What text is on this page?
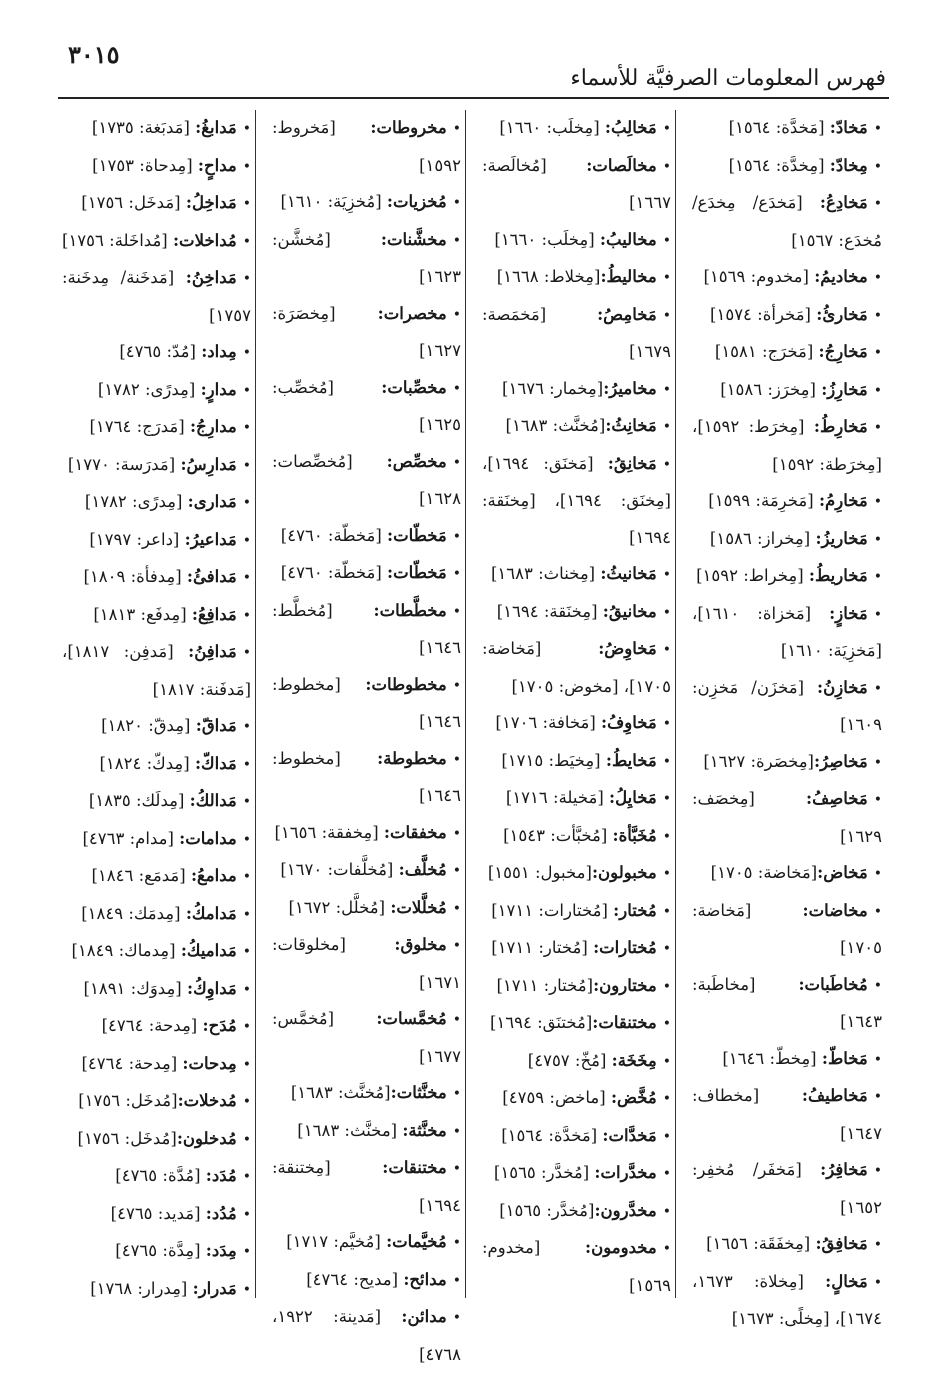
فهرس المعلومات الصرفيَّة للأسماء
٣٠١٥

•مَخادّ: [مَخدَّة: ١٥٦٤]

•مِخادّ: [مِخدَّة: ١٥٦٤]

•مَخادِعُ: [مَخدَع/ مِخدَع/ مُخدَع: ١٥٦٧]

•مخاديمُ: [مخدوم: ١٥٦٩]

•مَخارئُ: [مَخرأة: ١٥٧٤]

•مَخارِجُ: [مَخرَج: ١٥٨١]

•مَخارِزُ: [مِخرَز: ١٥٨٦]

•مَخارِطُ: [مِخرَط: ١٥٩٢]، [مِخرَطة: ١٥٩٢]

•مَخارِمُ: [مَخرِمَة: ١٥٩٩]

•مَخاريزُ: [مِخراز: ١٥٨٦]

•مَخاريطُ: [مِخراط: ١٥٩٢]

•مَخازٍ: [مَخزاة: ١٦١٠]، [مَخزِيَة: ١٦١٠]

•مَخازِنُ: [مَخزَن/ مَخزِن: ١٦٠٩]

•مَخاصِرُ:[مِخصَرة: ١٦٢٧]

•مَخاصِفُ: [مِخصَف: ١٦٢٩]

•مَخاض:[مَخاضة: ١٧٠٥]

•مخاضات: [مَخاضة: ١٧٠٥]

•مُخاطَبات: [مخاطَبة: ١٦٤٣]

•مَخاطّ: [مِخطّ: ١٦٤٦]

•مَخاطيفُ: [مخطاف: ١٦٤٧]

•مَخافِرُ: [مَخفَر/ مُخفِر: ١٦٥٢]

•مَخافِقُ: [مِخفَقَة: ١٦٥٦]

•مَخالٍ: [مِخلاة: ١٦٧٣، ١٦٧٤]، [مِخلًى: ١٦٧٣]

•مَخالِبُ: [مِخلَب: ١٦٦٠]

•مخالَصات: [مُخالَصة: ١٦٦٧]

•مخاليبُ: [مِخلَب: ١٦٦٠]

•مخاليطُ:[مِخلاط: ١٦٦٨]

•مَخامِصُ: [مَخمَصة: ١٦٧٩]

•مخاميرُ:[مِخمار: ١٦٧٦]

•مَخانِثُ:[مُخنَّث: ١٦٨٣]

•مَخانِقُ: [مَخنَق: ١٦٩٤]، [مِخنَق: ١٦٩٤]، [مِخنَقة: ١٦٩٤]

•مَخانيثُ: [مِخناث: ١٦٨٣]

•مخانيقُ: [مِخنَقة: ١٦٩٤]

•مَخاوِضُ: [مَخاضة: ١٧٠٥]، [مخوض: ١٧٠٥]

•مَخاوِفُ: [مَخافة: ١٧٠٦]

•مَخايطُ: [مِخيَط: ١٧١٥]

•مَخايِلُ: [مَخيلة: ١٧١٦]

•مُخَبَّأة: [مُخبَّأت: ١٥٤٣]

•مخبولون:[مخبول: ١٥٥١]

•مُختار: [مُختارات: ١٧١١]

•مُختارات: [مُختار: ١٧١١]

•مختارون:[مُختار: ١٧١١]

•مختنقات:[مُختنَق: ١٦٩٤]

•مِخَخَة: [مُخّ: ٤٧٥٧]

•مُخَّض: [ماخض: ٤٧٥٩]

•مَخدَّات: [مَخدَّة: ١٥٦٤]

•مخدَّرات: [مُخدَّر: ١٥٦٥]

•مخدَّرون:[مُخدَّر: ١٥٦٥]

•مخدومون: [مخدوم: ١٥٦٩]

•مخروطات: [مَخروط: ١٥٩٢]

•مُخزيات: [مُخزِيَة: ١٦١٠]

•مخشَّنات: [مُخشَّن: ١٦٢٣]

•مخصرات: [مِخصَرَة: ١٦٢٧]

•مخصِّبات: [مُخصِّب: ١٦٢٥]

•مخصِّص: [مُخصِّصات: ١٦٢٨]

•مَخطّات: [مَخطّة: ٤٧٦٠]

•مَخطّات: [مَخطّة: ٤٧٦٠]

•مخطَّطات: [مُخطَّط: ١٦٤٦]

•مخطوطات: [مخطوط: ١٦٤٦]

•مخطوطة: [مخطوط: ١٦٤٦]

•مخفقات: [مِخفقة: ١٦٥٦]

•مُخلَّف: [مُخلَّفات: ١٦٧٠]

•مُخلَّلات: [مُخلَّل: ١٦٧٢]

•مخلوق: [مخلوقات: ١٦٧١]

•مُخمَّسات: [مُخمَّس: ١٦٧٧]

•مخنَّثات:[مُخنَّث: ١٦٨٣]

•مخنَّثة: [مخنَّث: ١٦٨٣]

•مختنقات: [مِختنقة: ١٦٩٤]

•مُخيَّمات: [مُخيَّم: ١٧١٧]

•مدائح: [مديح: ٤٧٦٤]

•مدائن: [مَدينة: ١٩٢٢، ٤٧٦٨]

•مَدابغُ: [مَدبَغة: ١٧٣٥]

•مداحٍ: [مِدحاة: ١٧٥٣]

•مَداخِلُ: [مَدخَل: ١٧٥٦]

•مُداخلات: [مُداخَلة: ١٧٥٦]

•مَداخِنُ: [مَدخَنة/ مِدخَنة: ١٧٥٧]

•مِداد: [مُدّ: ٤٧٦٥]

•مدارٍ: [مِدرًى: ١٧٨٢]

•مدارِجُ: [مَدرَج: ١٧٦٤]

•مَدارِسُ: [مَدرَسة: ١٧٧٠]

•مَدارى: [مِدرًى: ١٧٨٢]

•مَداعيرُ: [داعر: ١٧٩٧]

•مَدافئُ: [مِدفأة: ١٨٠٩]

•مَدافِعُ: [مِدفَع: ١٨١٣]

•مَدافِنُ: [مَدفِن: ١٨١٧]، [مَدفَنة: ١٨١٧]

•مَداقّ: [مِدقّ: ١٨٢٠]

•مَداكّ: [مِدكّ: ١٨٢٤]

•مَدالكُ: [مِدلَك: ١٨٣٥]

•مدامات: [مدام: ٤٧٦٣]

•مدامعُ: [مَدمَع: ١٨٤٦]

•مَدامكُ: [مِدمَك: ١٨٤٩]

•مَداميكُ: [مِدماك: ١٨٤٩]

•مَداوِكُ: [مِدوَك: ١٨٩١]

•مُدَح: [مِدحة: ٤٧٦٤]

•مِدحات: [مِدحة: ٤٧٦٤]

•مُدخلات:[مُدخَل: ١٧٥٦]

•مُدخلون:[مُدخَل: ١٧٥٦]

•مُدَد: [مُدَّة: ٤٧٦٥]

•مُدُد: [مَديد: ٤٧٦٥]

•مِدَد: [مِدَّة: ٤٧٦٥]

•مَدرار: [مِدرار: ١٧٦٨]
